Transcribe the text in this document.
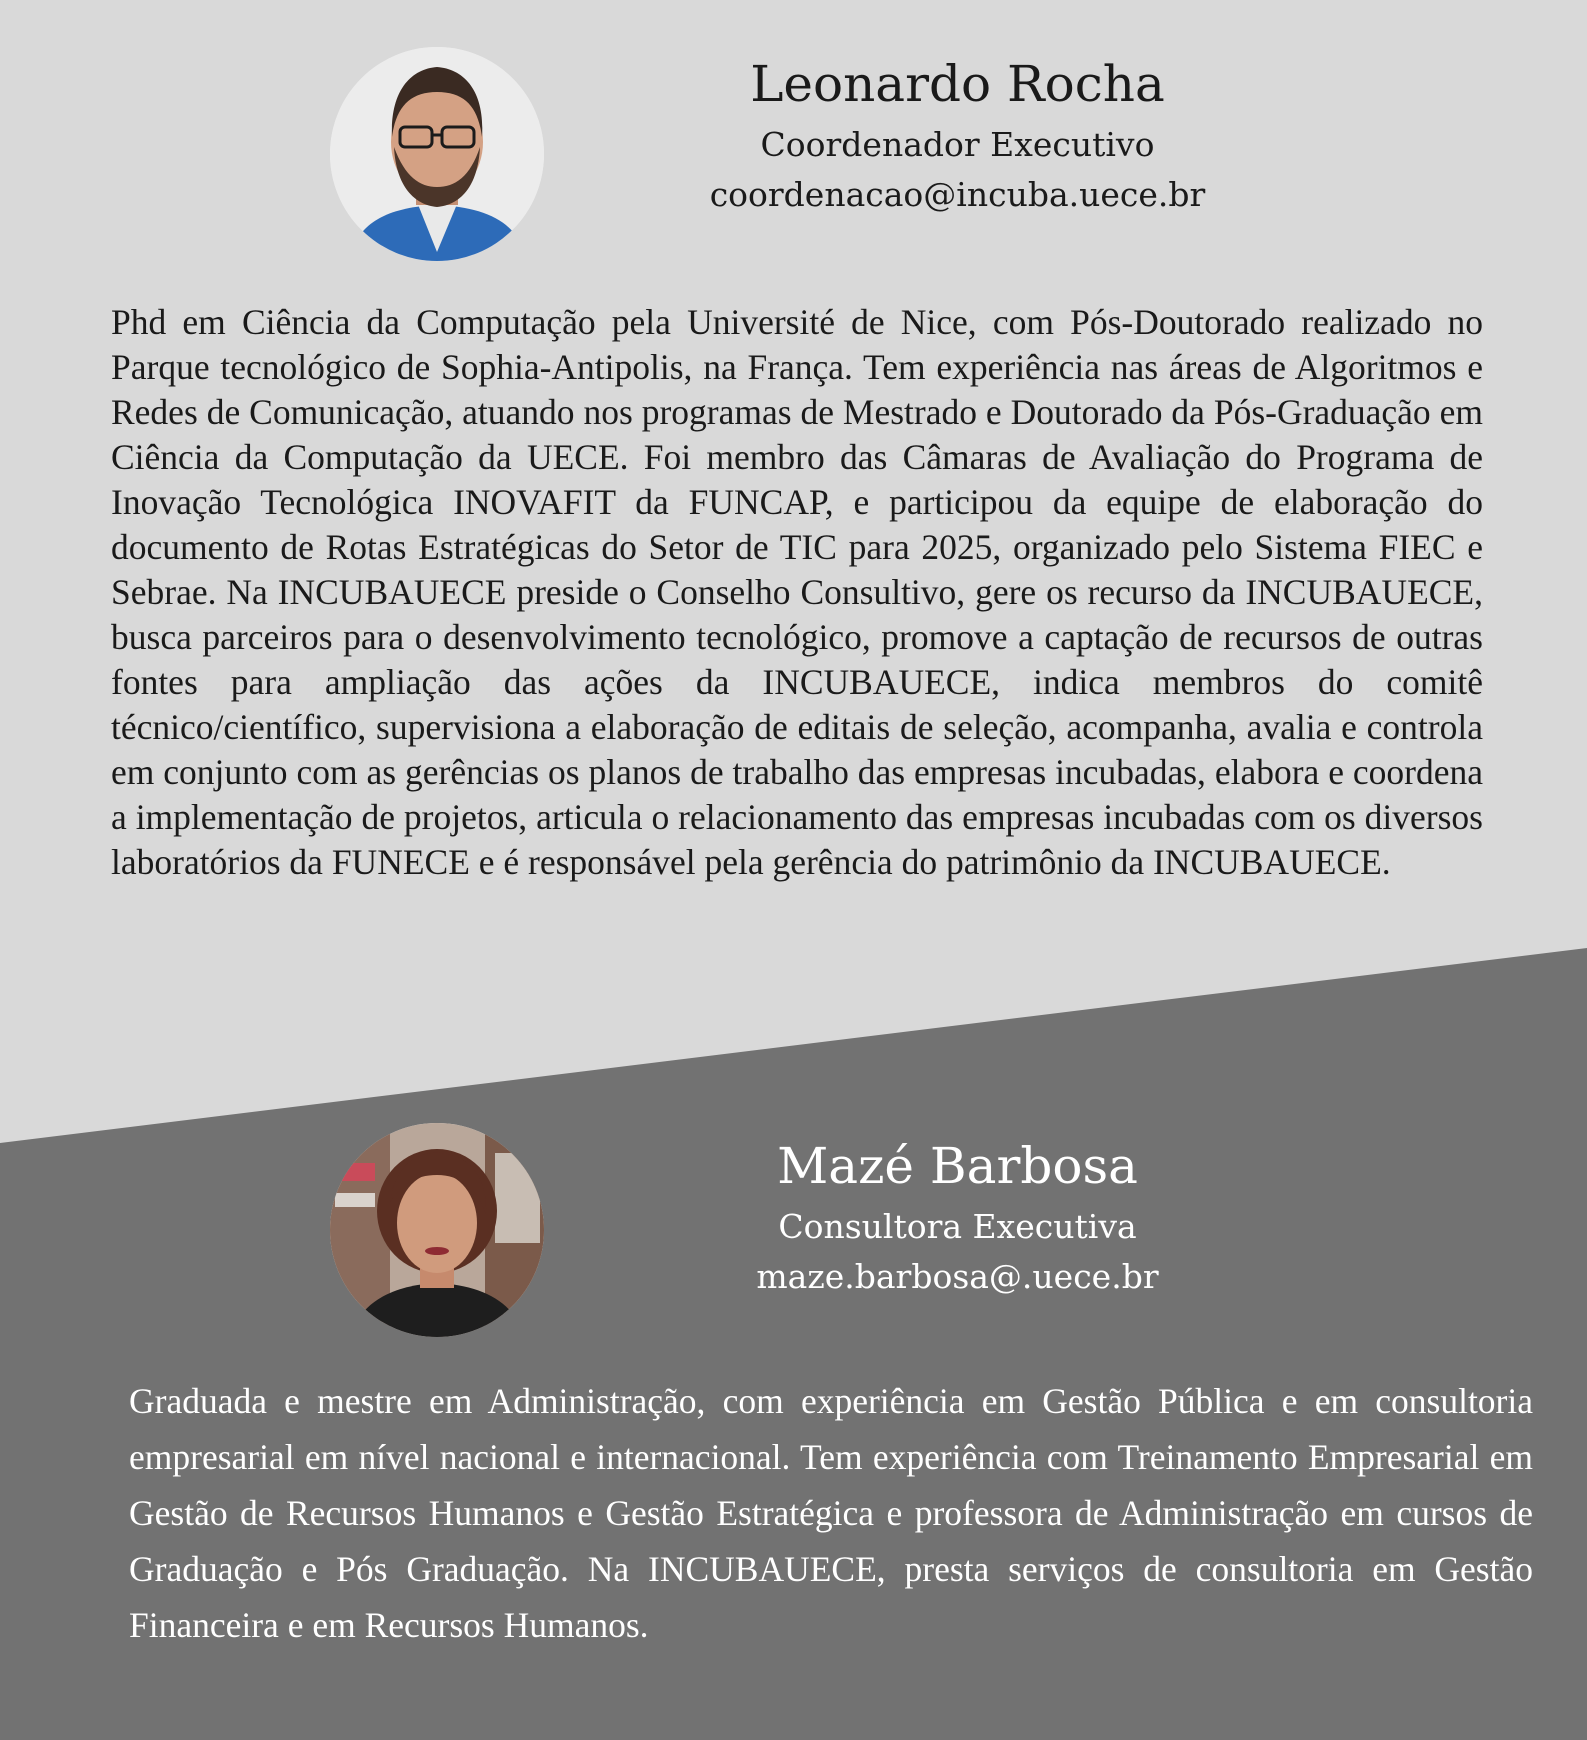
Leonardo Rocha
Coordenador Executivo
coordenacao@incuba.uece.br

Phd em Ciência da Computação pela Université de Nice, com Pós-Doutorado realizado no Parque tecnológico de Sophia-Antipolis, na França. Tem experiência nas áreas de Algoritmos e Redes de Comunicação, atuando nos programas de Mestrado e Doutorado da Pós-Graduação em Ciência da Computação da UECE. Foi membro das Câmaras de Avaliação do Programa de Inovação Tecnológica INOVAFIT da FUNCAP, e participou da equipe de elaboração do documento de Rotas Estratégicas do Setor de TIC para 2025, organizado pelo Sistema FIEC e Sebrae. Na INCUBAUECE preside o Conselho Consultivo, gere os recurso da INCUBAUECE, busca parceiros para o desenvolvimento tecnológico, promove a captação de recursos de outras fontes para ampliação das ações da INCUBAUECE, indica membros do comitê técnico/científico, supervisiona a elaboração de editais de seleção, acompanha, avalia e controla em conjunto com as gerências os planos de trabalho das empresas incubadas, elabora e coordena a implementação de projetos, articula o relacionamento das empresas incubadas com os diversos laboratórios da FUNECE e é responsável pela gerência do patrimônio da INCUBAUECE.

Mazé Barbosa
Consultora Executiva
maze.barbosa@.uece.br

Graduada e mestre em Administração, com experiência em Gestão Pública e em consultoria empresarial em nível nacional e internacional. Tem experiência com Treinamento Empresarial em Gestão de Recursos Humanos e Gestão Estratégica e professora de Administração em cursos de Graduação e Pós Graduação. Na INCUBAUECE, presta serviços de consultoria em Gestão Financeira e em Recursos Humanos.
